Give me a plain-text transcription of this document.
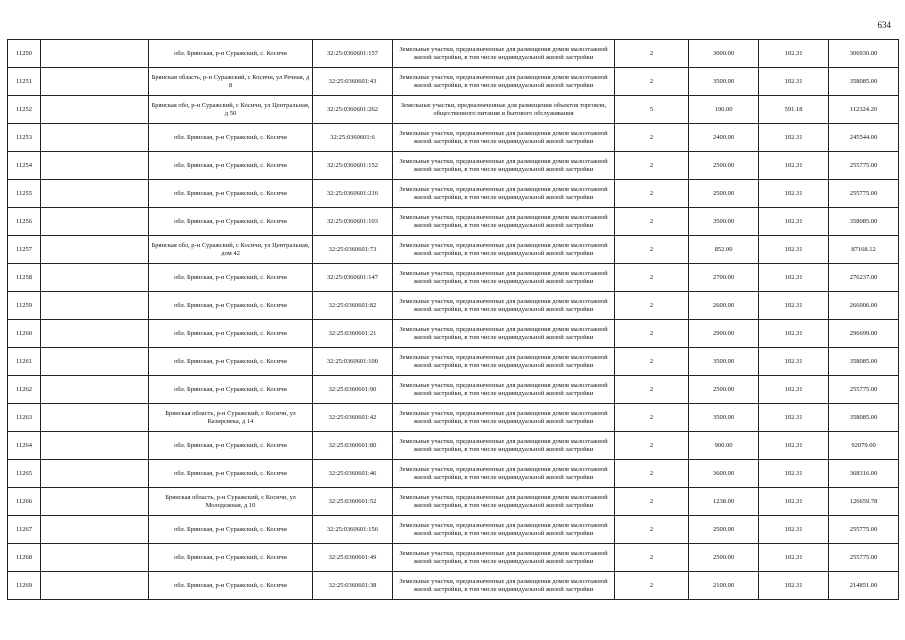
634
11250		обл. Брянская, р-н Суражский, с. Косичи	32:25:0360601:157	Земельные участки, предназначенные для размещения домов малоэтажной жилой застройки, в том числе индивидуальной жилой застройки	2	3000.00	102.31	306930.00
11251		Брянская область, р-н Суражский, с Косичи, ул Речная, д 8	32:25:0360601:43	Земельные участки, предназначенные для размещения домов малоэтажной жилой застройки, в том числе индивидуальной жилой застройки	2	3500.00	102.31	358085.00
11252		Брянская обл, р-н Суражский, с Косичи, ул Центральная, д 50	32:25:0360601:262	Земельные участки, предназначенные для размещения объектов торговли, общественного питания и бытового обслуживания	5	190.00	591.18	112324.20
11253		обл. Брянская, р-н Суражский, с. Косичи	32:25:0360601:6	Земельные участки, предназначенные для размещения домов малоэтажной жилой застройки, в том числе индивидуальной жилой застройки	2	2400.00	102.31	245544.00
11254		обл. Брянская, р-н Суражский, с. Косичи	32:25:0360601:152	Земельные участки, предназначенные для размещения домов малоэтажной жилой застройки, в том числе индивидуальной жилой застройки	2	2500.00	102.31	255775.00
11255		обл. Брянская, р-н Суражский, с. Косичи	32:25:0360601:216	Земельные участки, предназначенные для размещения домов малоэтажной жилой застройки, в том числе индивидуальной жилой застройки	2	2500.00	102.31	255775.00
11256		обл. Брянская, р-н Суражский, с. Косичи	32:25:0360601:103	Земельные участки, предназначенные для размещения домов малоэтажной жилой застройки, в том числе индивидуальной жилой застройки	2	3500.00	102.31	358085.00
11257		Брянская обл, р-н Суражский, с Косичи, ул Центральная, дом 42	32:25:0360601:73	Земельные участки, предназначенные для размещения домов малоэтажной жилой застройки, в том числе индивидуальной жилой застройки	2	852.00	102.31	87168.12
11258		обл. Брянская, р-н Суражский, с. Косичи	32:25:0360601:147	Земельные участки, предназначенные для размещения домов малоэтажной жилой застройки, в том числе индивидуальной жилой застройки	2	2700.00	102.31	276237.00
11259		обл. Брянская, р-н Суражский, с. Косичи	32:25:0360601:82	Земельные участки, предназначенные для размещения домов малоэтажной жилой застройки, в том числе индивидуальной жилой застройки	2	2600.00	102.31	266006.00
11260		обл. Брянская, р-н Суражский, с. Косичи	32:25:0360601:21	Земельные участки, предназначенные для размещения домов малоэтажной жилой застройки, в том числе индивидуальной жилой застройки	2	2900.00	102.31	296699.00
11261		обл. Брянская, р-н Суражский, с. Косичи	32:25:0360601:100	Земельные участки, предназначенные для размещения домов малоэтажной жилой застройки, в том числе индивидуальной жилой застройки	2	3500.00	102.31	358085.00
11262		обл. Брянская, р-н Суражский, с. Косичи	32:25:0360601:90	Земельные участки, предназначенные для размещения домов малоэтажной жилой застройки, в том числе индивидуальной жилой застройки	2	2500.00	102.31	255775.00
11263		Брянская область, р-н Суражский, с Косичи, ул Казирсвека, д 14	32:25:0360601:42	Земельные участки, предназначенные для размещения домов малоэтажной жилой застройки, в том числе индивидуальной жилой застройки	2	3500.00	102.31	358085.00
11264		обл. Брянская, р-н Суражский, с. Косичи	32:25:0360601:80	Земельные участки, предназначенные для размещения домов малоэтажной жилой застройки, в том числе индивидуальной жилой застройки	2	900.00	102.31	92079.00
11265		обл. Брянская, р-н Суражский, с. Косичи	32:25:0360601:46	Земельные участки, предназначенные для размещения домов малоэтажной жилой застройки, в том числе индивидуальной жилой застройки	2	3600.00	102.31	368316.00
11266		Брянская область, р-н Суражский, с Косичи, ул Молодежная, д 10	32:25:0360601:52	Земельные участки, предназначенные для размещения домов малоэтажной жилой застройки, в том числе индивидуальной жилой застройки	2	1238.00	102.31	126659.78
11267		обл. Брянская, р-н Суражский, с. Косичи	32:25:0360601:156	Земельные участки, предназначенные для размещения домов малоэтажной жилой застройки, в том числе индивидуальной жилой застройки	2	2500.00	102.31	255775.00
11268		обл. Брянская, р-н Суражский, с. Косичи	32:25:0360601:49	Земельные участки, предназначенные для размещения домов малоэтажной жилой застройки, в том числе индивидуальной жилой застройки	2	2500.00	102.31	255775.00
11269		обл. Брянская, р-н Суражский, с. Косичи	32:25:0360601:38	Земельные участки, предназначенные для размещения домов малоэтажной жилой застройки, в том числе индивидуальной жилой застройки	2	2100.00	102.31	214851.00
